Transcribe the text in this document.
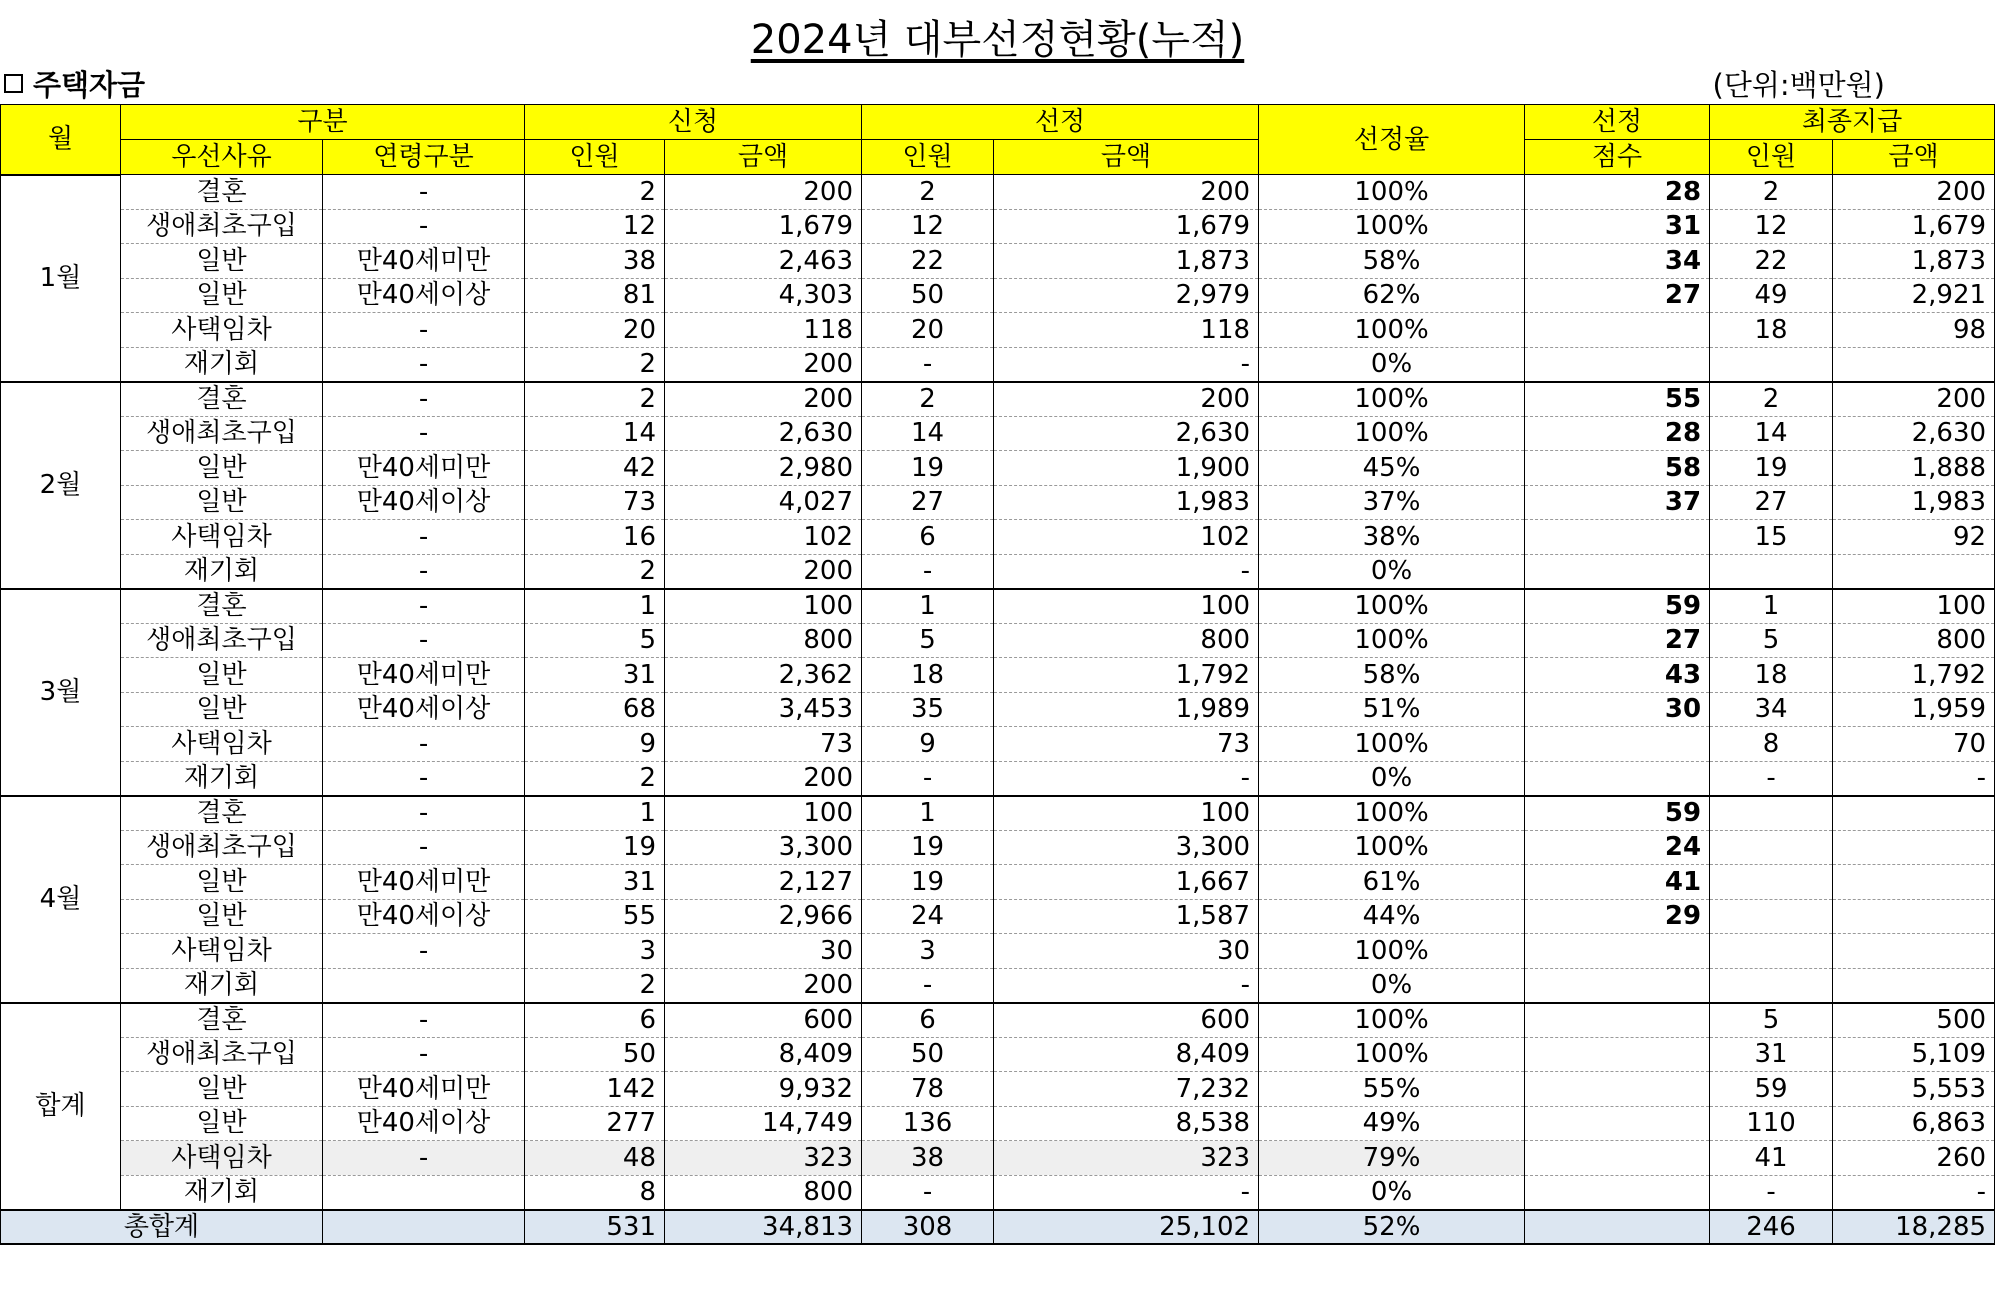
2024년 대부선정현황(누적)
주택자금	(단위:백만원)
월	구분		신청		선정		선정율	선정	최종지급	
	우선사유	연령구분	인원	금액	인원	금액		점수	인원	금액
1월	결혼	-	2	200	2	200	100%	28	2	200
	생애최초구입	-	12	1,679	12	1,679	100%	31	12	1,679
	일반	만40세미만	38	2,463	22	1,873	58%	34	22	1,873
	일반	만40세이상	81	4,303	50	2,979	62%	27	49	2,921
	사택임차	-	20	118	20	118	100%		18	98
	재기회	-	2	200	-	-	0%			
2월	결혼	-	2	200	2	200	100%	55	2	200
	생애최초구입	-	14	2,630	14	2,630	100%	28	14	2,630
	일반	만40세미만	42	2,980	19	1,900	45%	58	19	1,888
	일반	만40세이상	73	4,027	27	1,983	37%	37	27	1,983
	사택임차	-	16	102	6	102	38%		15	92
	재기회	-	2	200	-	-	0%			
3월	결혼	-	1	100	1	100	100%	59	1	100
	생애최초구입	-	5	800	5	800	100%	27	5	800
	일반	만40세미만	31	2,362	18	1,792	58%	43	18	1,792
	일반	만40세이상	68	3,453	35	1,989	51%	30	34	1,959
	사택임차	-	9	73	9	73	100%		8	70
	재기회	-	2	200	-	-	0%		-	-
4월	결혼	-	1	100	1	100	100%	59		
	생애최초구입	-	19	3,300	19	3,300	100%	24		
	일반	만40세미만	31	2,127	19	1,667	61%	41		
	일반	만40세이상	55	2,966	24	1,587	44%	29		
	사택임차	-	3	30	3	30	100%			
	재기회		2	200	-	-	0%			
합계	결혼	-	6	600	6	600	100%		5	500
	생애최초구입	-	50	8,409	50	8,409	100%		31	5,109
	일반	만40세미만	142	9,932	78	7,232	55%		59	5,553
	일반	만40세이상	277	14,749	136	8,538	49%		110	6,863
	사택임차	-	48	323	38	323	79%		41	260
	재기회		8	800	-	-	0%		-	-
총합계			531	34,813	308	25,102	52%		246	18,285
